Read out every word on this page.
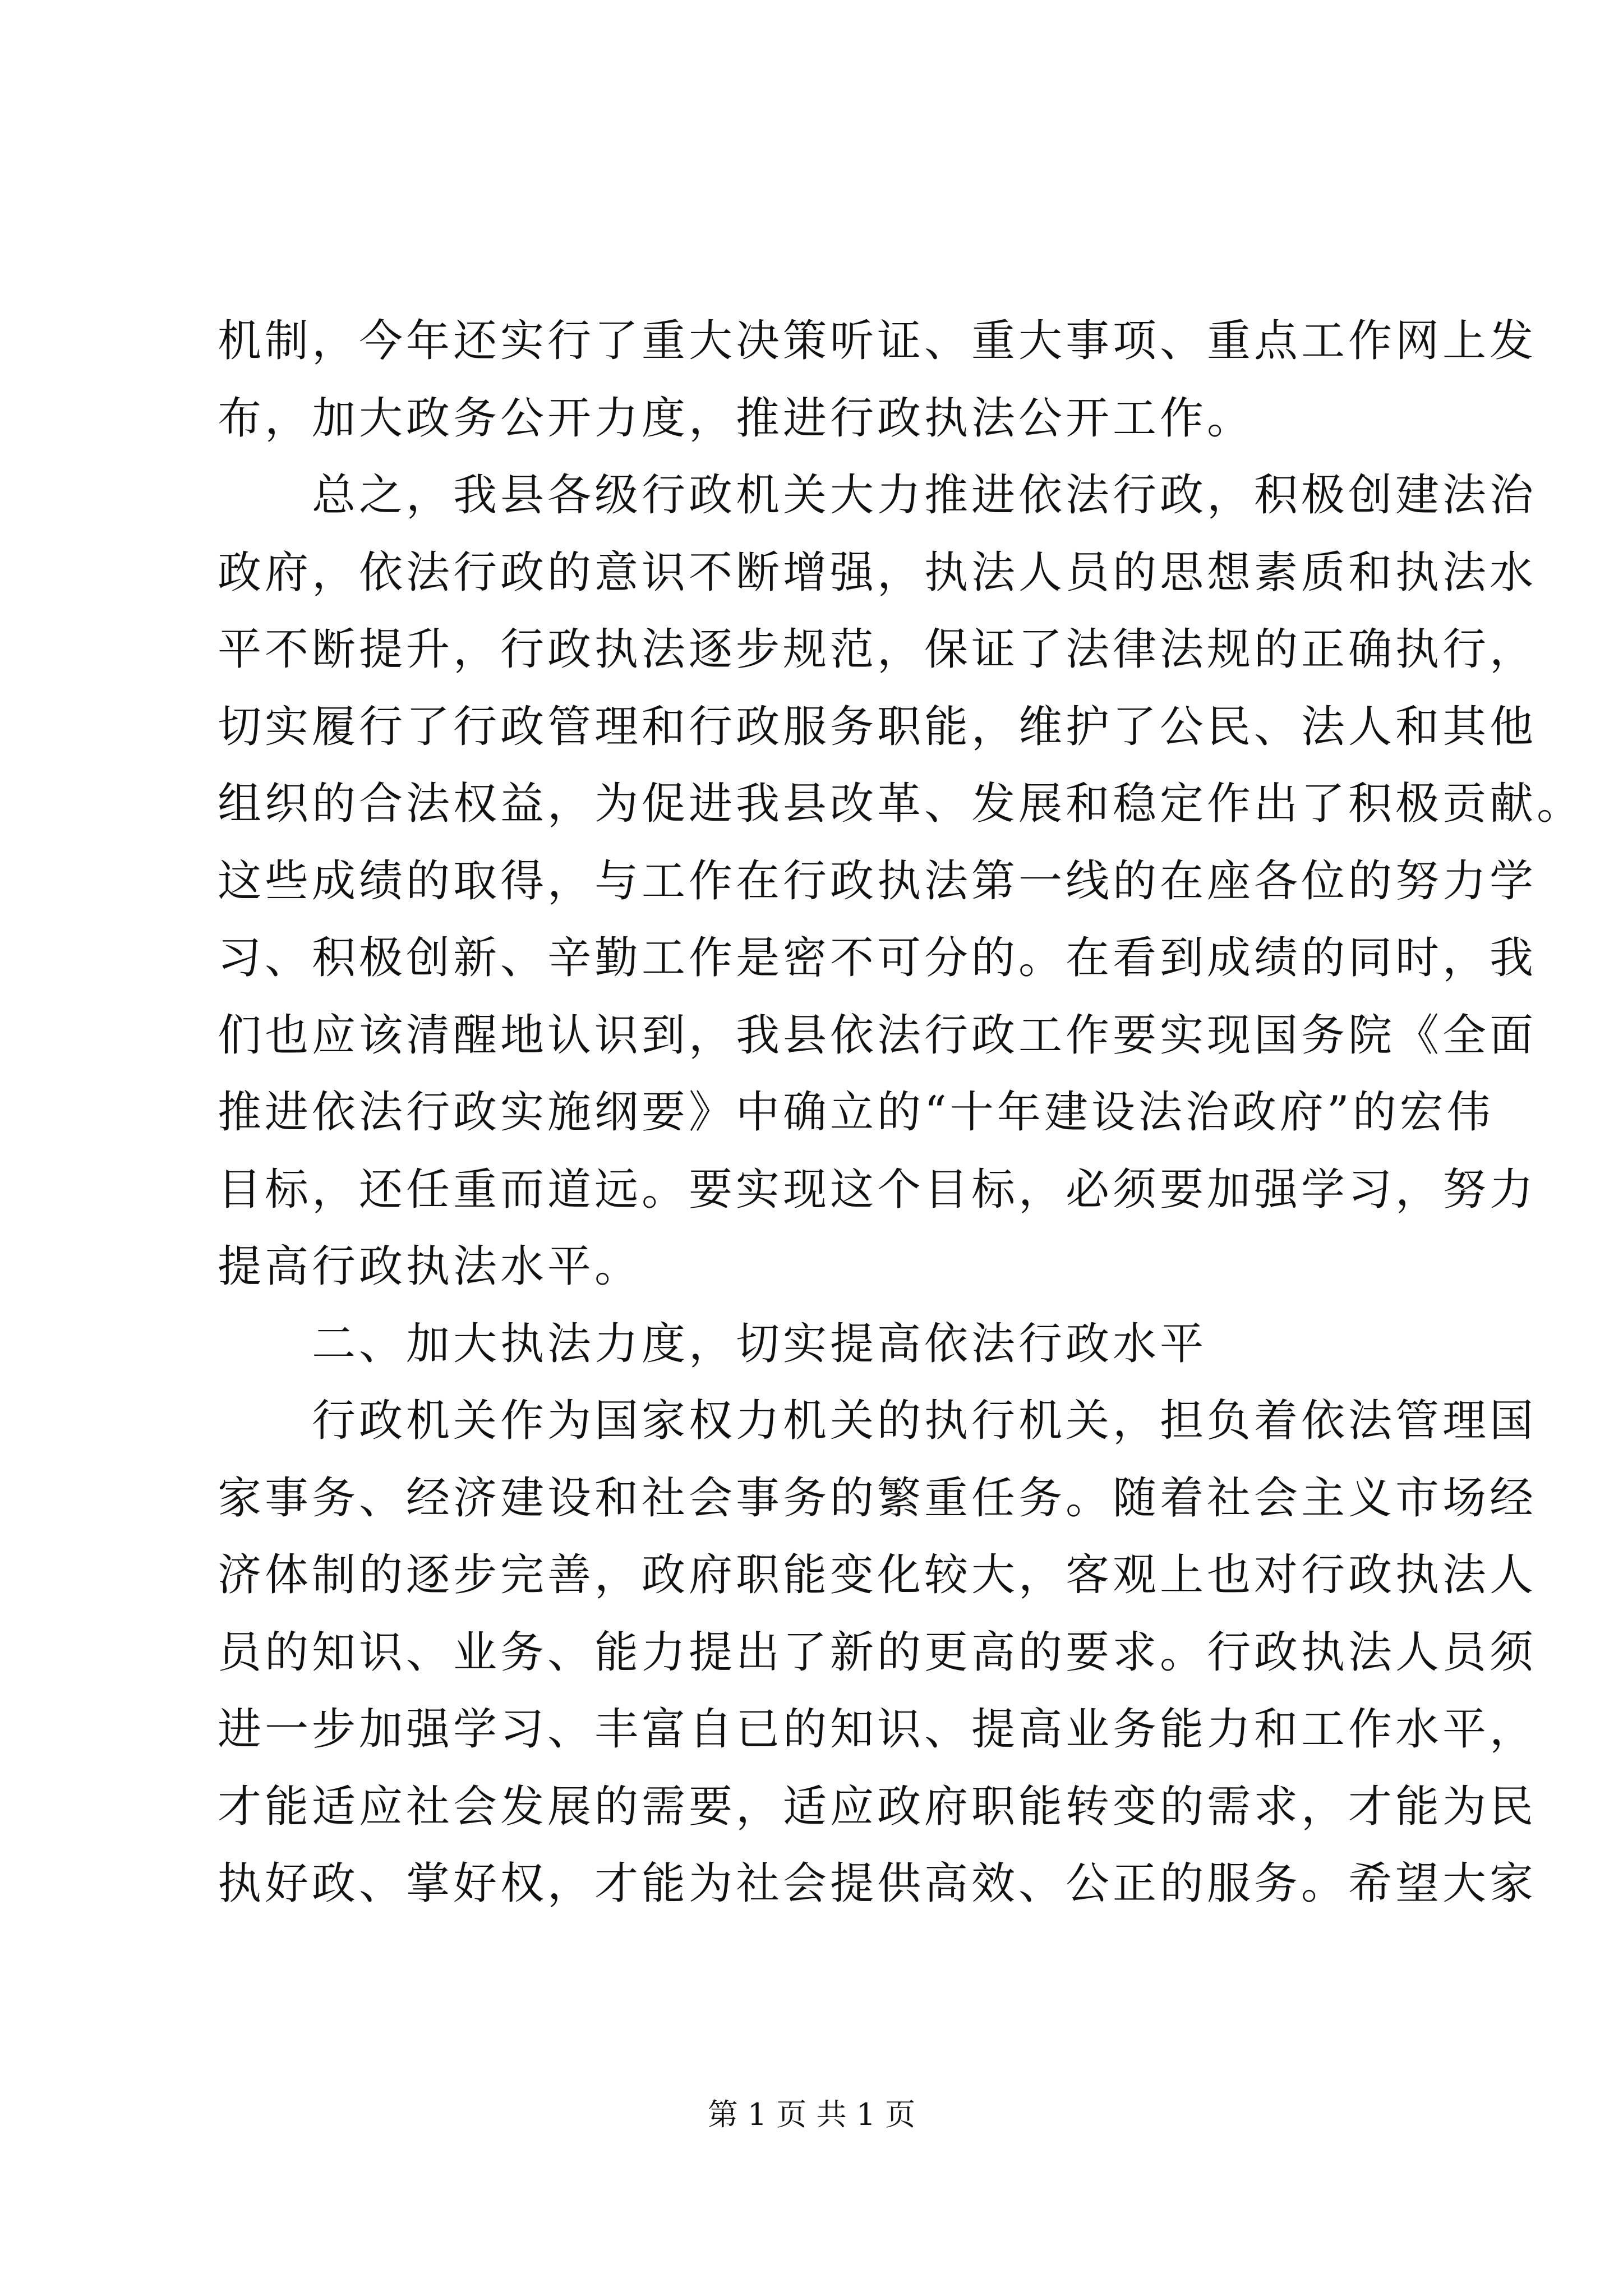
机制，今年还实行了重大决策听证、重大事项、重点工作网上发
布，加大政务公开力度，推进行政执法公开工作。
　　总之，我县各级行政机关大力推进依法行政，积极创建法治
政府，依法行政的意识不断增强，执法人员的思想素质和执法水
平不断提升，行政执法逐步规范，保证了法律法规的正确执行，
切实履行了行政管理和行政服务职能，维护了公民、法人和其他
组织的合法权益，为促进我县改革、发展和稳定作出了积极贡献。
这些成绩的取得，与工作在行政执法第一线的在座各位的努力学
习、积极创新、辛勤工作是密不可分的。在看到成绩的同时，我
们也应该清醒地认识到，我县依法行政工作要实现国务院《全面
推进依法行政实施纲要》中确立的“十年建设法治政府”的宏伟
目标，还任重而道远。要实现这个目标，必须要加强学习，努力
提高行政执法水平。
　　二、加大执法力度，切实提高依法行政水平
　　行政机关作为国家权力机关的执行机关，担负着依法管理国
家事务、经济建设和社会事务的繁重任务。随着社会主义市场经
济体制的逐步完善，政府职能变化较大，客观上也对行政执法人
员的知识、业务、能力提出了新的更高的要求。行政执法人员须
进一步加强学习、丰富自已的知识、提高业务能力和工作水平，
才能适应社会发展的需要，适应政府职能转变的需求，才能为民
执好政、掌好权，才能为社会提供高效、公正的服务。希望大家
第 1 页 共 1 页
